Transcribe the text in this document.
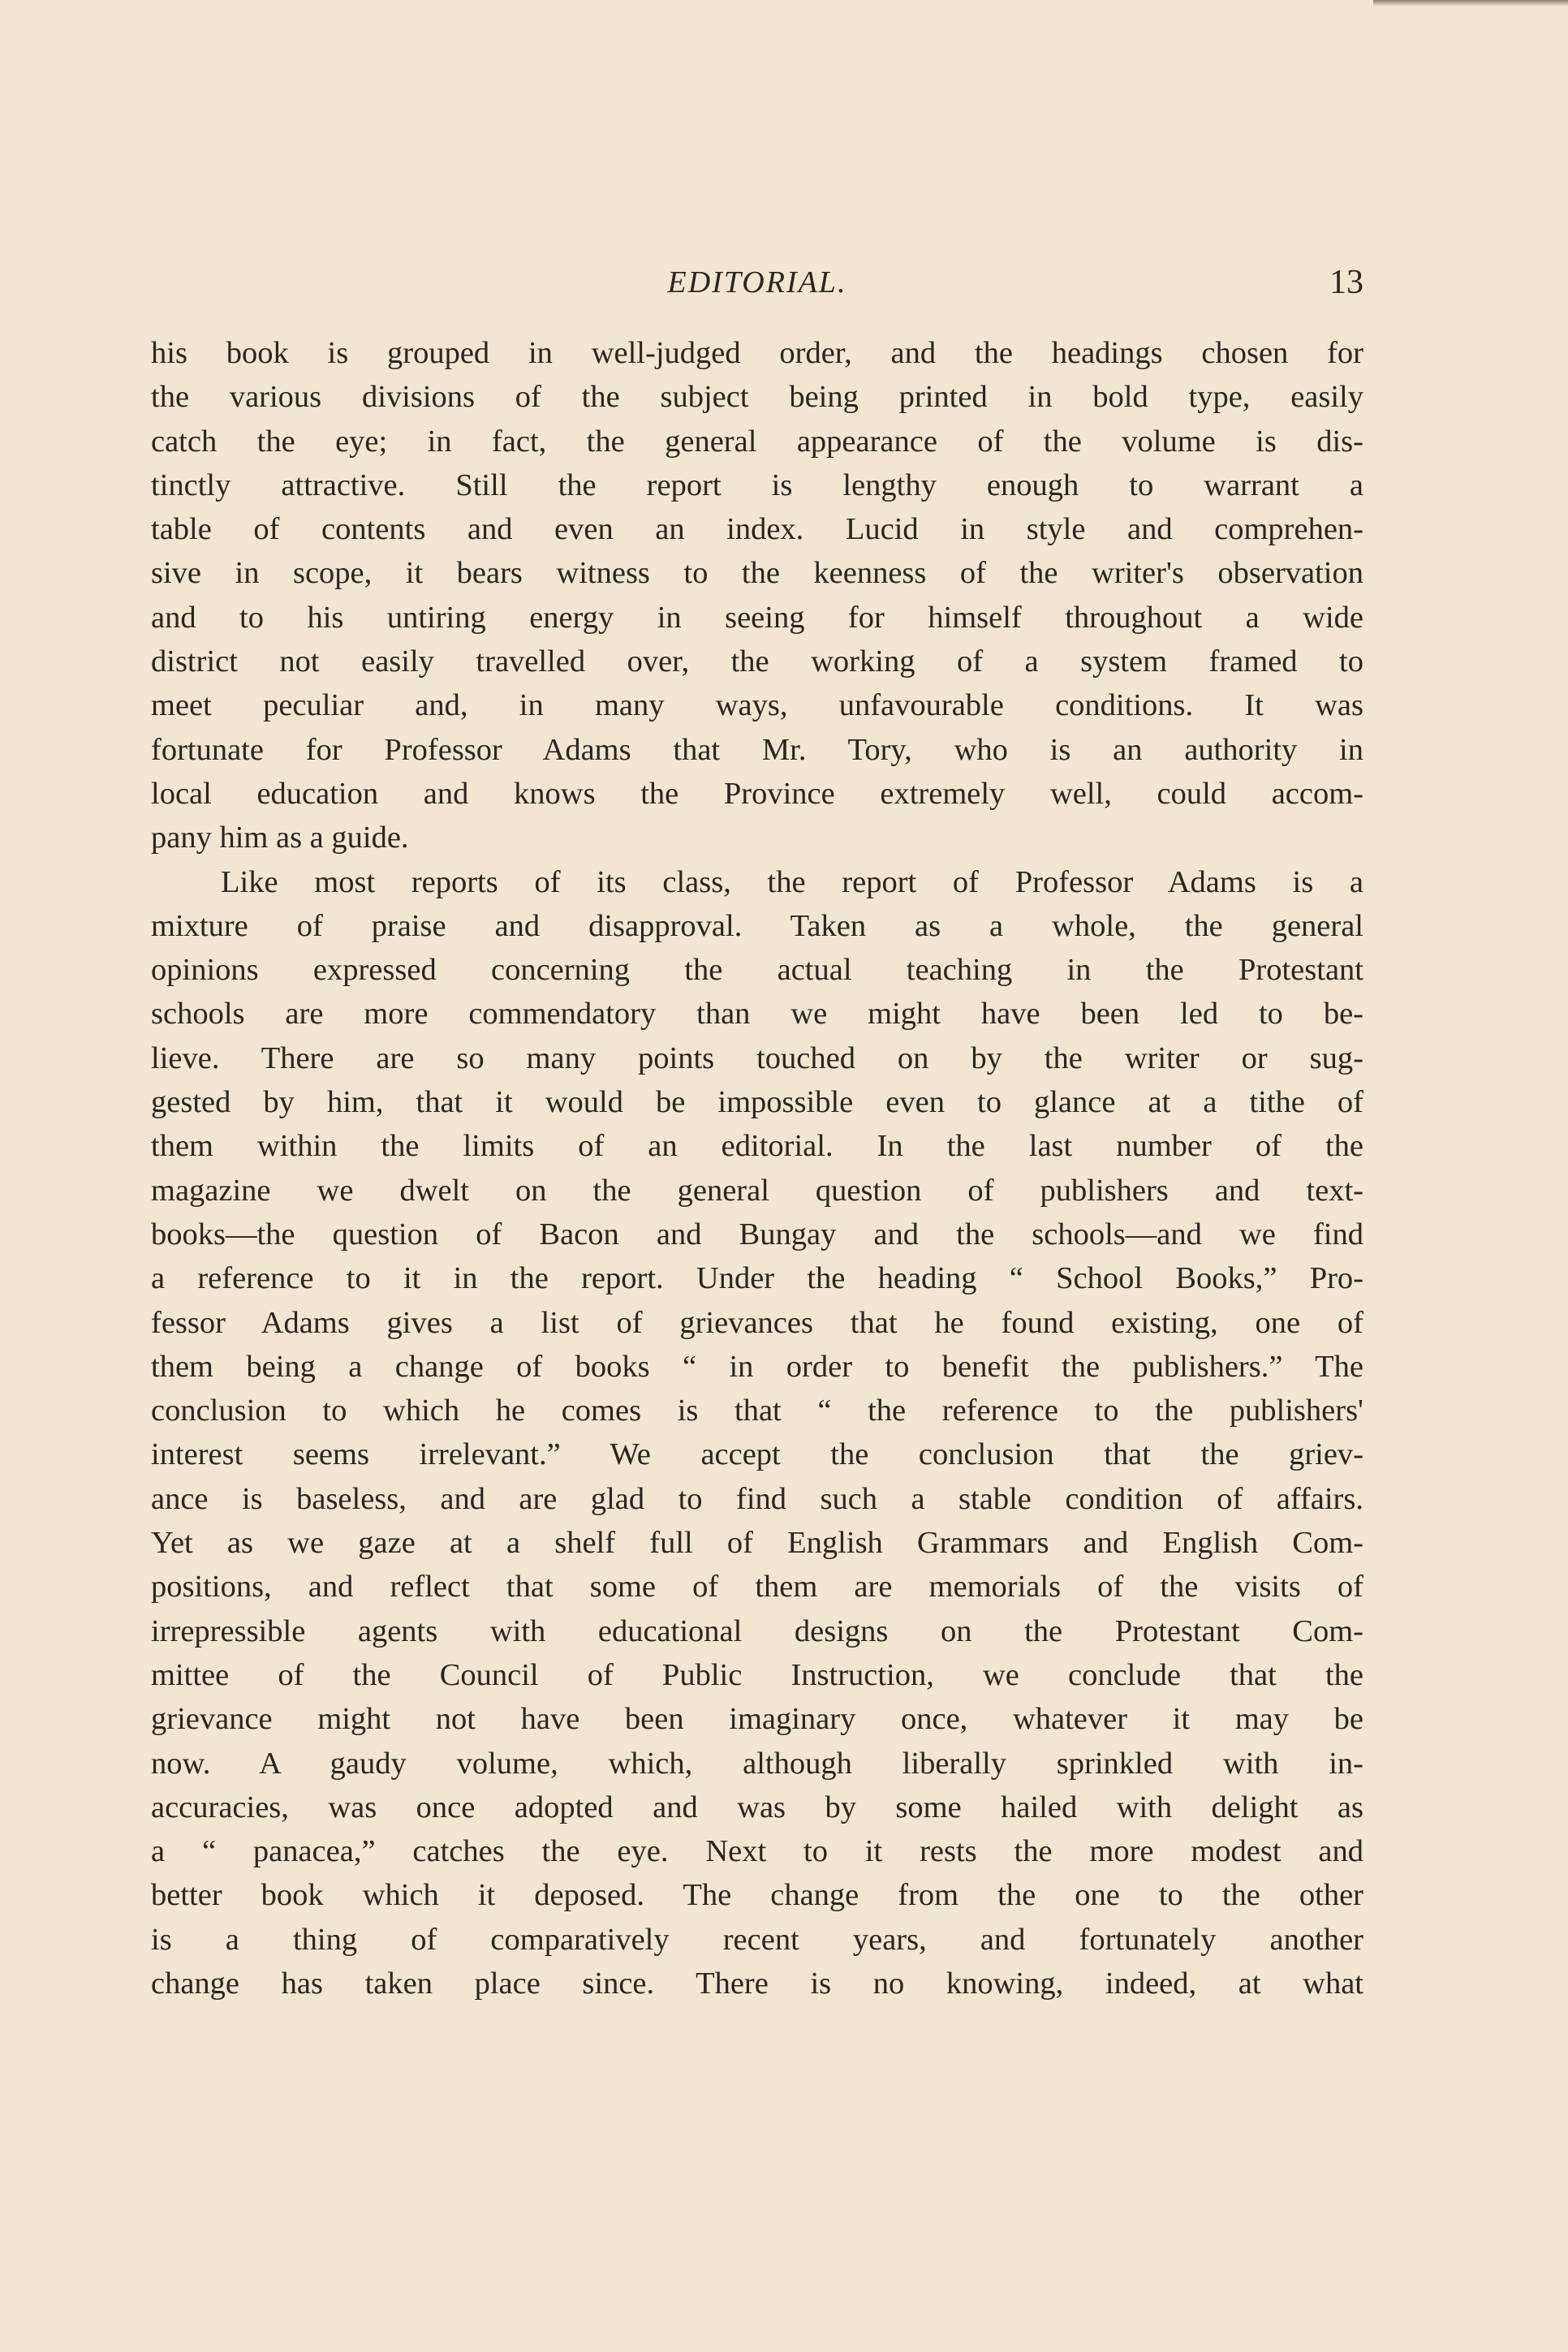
EDITORIAL.	13
his book is grouped in well-judged order, and the headings chosen for
the various divisions of the subject being printed in bold type, easily
catch the eye; in fact, the general appearance of the volume is dis-
tinctly attractive. Still the report is lengthy enough to warrant a
table of contents and even an index. Lucid in style and comprehen-
sive in scope, it bears witness to the keenness of the writer's observation
and to his untiring energy in seeing for himself throughout a wide
district not easily travelled over, the working of a system framed to
meet peculiar and, in many ways, unfavourable conditions. It was
fortunate for Professor Adams that Mr. Tory, who is an authority in
local education and knows the Province extremely well, could accom-
pany him as a guide.
Like most reports of its class, the report of Professor Adams is a
mixture of praise and disapproval. Taken as a whole, the general
opinions expressed concerning the actual teaching in the Protestant
schools are more commendatory than we might have been led to be-
lieve. There are so many points touched on by the writer or sug-
gested by him, that it would be impossible even to glance at a tithe of
them within the limits of an editorial. In the last number of the
magazine we dwelt on the general question of publishers and text-
books—the question of Bacon and Bungay and the schools—and we find
a reference to it in the report. Under the heading “ School Books,” Pro-
fessor Adams gives a list of grievances that he found existing, one of
them being a change of books “ in order to benefit the publishers.” The
conclusion to which he comes is that “ the reference to the publishers'
interest seems irrelevant.” We accept the conclusion that the griev-
ance is baseless, and are glad to find such a stable condition of affairs.
Yet as we gaze at a shelf full of English Grammars and English Com-
positions, and reflect that some of them are memorials of the visits of
irrepressible agents with educational designs on the Protestant Com-
mittee of the Council of Public Instruction, we conclude that the
grievance might not have been imaginary once, whatever it may be
now. A gaudy volume, which, although liberally sprinkled with in-
accuracies, was once adopted and was by some hailed with delight as
a “ panacea,” catches the eye. Next to it rests the more modest and
better book which it deposed. The change from the one to the other
is a thing of comparatively recent years, and fortunately another
change has taken place since. There is no knowing, indeed, at what
